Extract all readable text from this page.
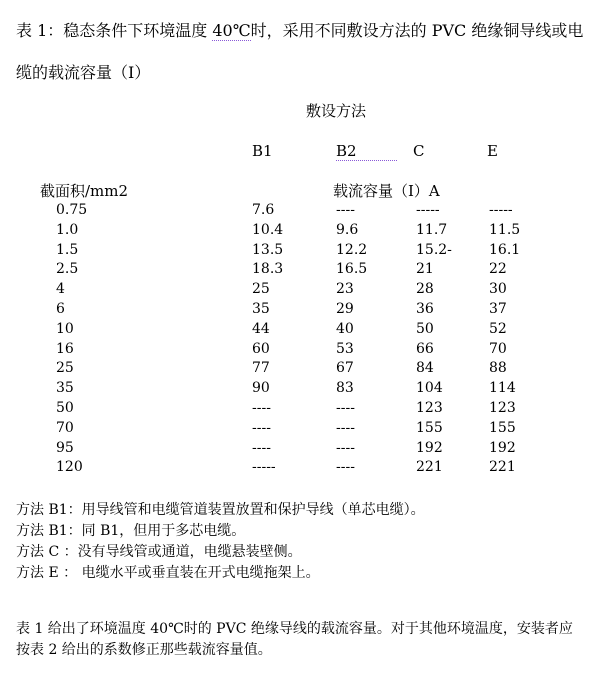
表 1：稳态条件下环境温度 40℃时，采用不同敷设方法的 PVC 绝缘铜导线或电缆的载流容量（I）
敷设方法
B1	B2	C	E
截面积/mm2	载流容量（I）A
0.75	7.6	----	-----	-----
1.0	10.4	9.6	11.7	11.5
1.5	13.5	12.2	15.2-	16.1
2.5	18.3	16.5	21	22
4	25	23	28	30
6	35	29	36	37
10	44	40	50	52
16	60	53	66	70
25	77	67	84	88
35	90	83	104	114
50	----	----	123	123
70	----	----	155	155
95	----	----	192	192
120	-----	----	221	221

方法 B1：用导线管和电缆管道装置放置和保护导线（单芯电缆）。

方法 B1：同 B1，但用于多芯电缆。

方法 C ：没有导线管或通道，电缆悬装壁侧。

方法 E ： 电缆水平或垂直装在开式电缆拖架上。

表 1 给出了环境温度 40℃时的 PVC 绝缘导线的载流容量。对于其他环境温度，安装者应按表 2 给出的系数修正那些载流容量值。
